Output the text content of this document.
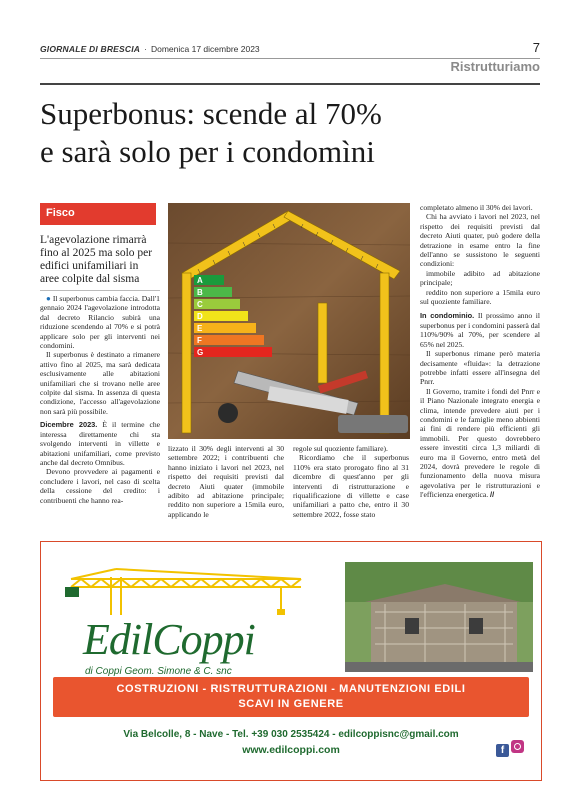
GIORNALE DI BRESCIA · Domenica 17 dicembre 2023	7
Ristrutturiamo
Superbonus: scende al 70%
e sarà solo per i condomìni
Fisco
L'agevolazione rimarrà fino al 2025 ma solo per edifici unifamiliari in aree colpite dal sisma

● Il superbonus cambia faccia. Dall'1 gennaio 2024 l'agevolazione introdotta dal decreto Rilancio subirà una riduzione scendendo al 70% e si potrà applicare solo per gli interventi nei condomini.

Il superbonus è destinato a rimanere attivo fino al 2025, ma sarà dedicata esclusivamente alle abitazioni unifamiliari che si trovano nelle aree colpite dal sisma. In assenza di questa condizione, l'accesso all'agevolazione non sarà più possibile.

Dicembre 2023. È il termine che interessa direttamente chi sta svolgendo interventi in villette e abitazioni unifamiliari, come previsto anche dal decreto Omnibus.

Devono provvedere ai pagamenti e concludere i lavori, nel caso di scelta della cessione del credito: i contribuenti che hanno rea-

A
B
C
D
E
F
G

lizzato il 30% degli interventi al 30 settembre 2022; i contribuenti che hanno iniziato i lavori nel 2023, nel rispetto dei requisiti previsti dal decreto Aiuti quater (immobile adibito ad abitazione principale; reddito non superiore a 15mila euro, applicando le

regole sul quoziente familiare).

Ricordiamo che il superbonus 110% era stato prorogato fino al 31 dicembre di quest'anno per gli interventi di ristrutturazione e riqualificazione di villette e case unifamiliari a patto che, entro il 30 settembre 2022, fosse stato

completato almeno il 30% dei lavori.

Chi ha avviato i lavori nel 2023, nel rispetto dei requisiti previsti dal decreto Aiuti quater, può godere della detrazione in esame entro la fine dell'anno se sussistono le seguenti condizioni:

immobile adibito ad abitazione principale;

reddito non superiore a 15mila euro sul quoziente familiare.

In condominio. Il prossimo anno il superbonus per i condomini passerà dal 110%/90% al 70%, per scendere al 65% nel 2025.

Il superbonus rimane però materia decisamente «fluida»: la detrazione potrebbe infatti essere all'insegna del Pnrr.

Il Governo, tramite i fondi del Pnrr e il Piano Nazionale integrato energia e clima, intende prevedere aiuti per i condomini e le famiglie meno abbienti ai fini di rendere più efficienti gli immobili. Per questo dovrebbero essere investiti circa 1,3 miliardi di euro ma il Governo, entro metà del 2024, dovrà prevedere le regole di funzionamento della nuova misura agevolativa per le ristrutturazioni e l'efficienza energetica. //

EdilCoppi
di Coppi Geom. Simone & C. snc
COSTRUZIONI - RISTRUTTURAZIONI - MANUTENZIONI EDILI
SCAVI IN GENERE
Via Belcolle, 8 - Nave - Tel. +39 030 2535424 - edilcoppisnc@gmail.com
www.edilcoppi.com	f
